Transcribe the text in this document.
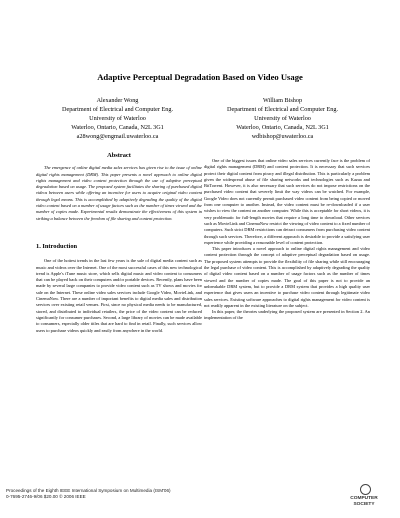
Adaptive Perceptual Degradation Based on Video Usage
Alexander Wong
Department of Electrical and Computer Eng.
University of Waterloo
Waterloo, Ontario, Canada, N2L 3G1
a28wong@engmail.uwaterloo.ca
William Bishop
Department of Electrical and Computer Eng.
University of Waterloo
Waterloo, Ontario, Canada, N2L 3G1
wdbishop@uwaterloo.ca
Abstract

The emergence of online digital media sales services has given rise to the issue of online digital rights management (DRM). This paper presents a novel approach to online digital rights management and video content protection through the use of adaptive perceptual degradation based on usage. The proposed system facilitates the sharing of purchased digital videos between users while offering an incentive for users to acquire original video content through legal means. This is accomplished by adaptively degrading the quality of the digital video content based on a number of usage factors such as the number of times viewed and the number of copies made. Experimental results demonstrate the effectiveness of this system in striking a balance between the freedom of file sharing and content protection.

1. Introduction

One of the hottest trends in the last few years is the sale of digital media content such as music and videos over the Internet. One of the most successful cases of this new technological trend is Apple's iTune music store, which sells digital music and video content to consumers that can be played back on their computers and/or portable devices. Recently, plans have been made by several large companies to provide video content such as TV shows and movies for sale on the Internet. These online video sales services include Google Video, MovieLink, and CinemaNow. There are a number of important benefits to digital media sales and distribution services over existing retail venues. First, since no physical media needs to be manufactured, stored, and distributed to individual retailers, the price of the video content can be reduced significantly for consumer purchases. Second, a large library of movies can be made available to consumers, especially older titles that are hard to find in retail. Finally, such services allow users to purchase videos quickly and easily from anywhere in the world.

One of the biggest issues that online video sales services currently face is the problem of digital rights management (DRM) and content protection. It is necessary that such services protect their digital content from piracy and illegal distribution. This is particularly a problem given the widespread abuse of file sharing networks and technologies such as Kazaa and BitTorrent. However, it is also necessary that such services do not impose restrictions on the purchased video content that severely limit the way videos can be watched. For example, Google Video does not currently permit purchased video content from being copied or moved from one computer to another. Instead, the video content must be re-downloaded if a user wishes to view the content on another computer. While this is acceptable for short videos, it is very problematic for full-length movies that require a long time to download. Other services such as MovieLink and CinemaNow restrict the viewing of video content to a fixed number of computers. Such strict DRM restrictions can detract consumers from purchasing video content through such services. Therefore, a different approach is desirable to provide a satisfying user experience while providing a reasonable level of content protection.

This paper introduces a novel approach to online digital rights management and video content protection through the concept of adaptive perceptual degradation based on usage. The proposed system attempts to provide the flexibility of file sharing while still encouraging the legal purchase of video content. This is accomplished by adaptively degrading the quality of digital video content based on a number of usage factors such as the number of times viewed and the number of copies made. The goal of this paper is not to provide an unbreakable DRM system, but to provide a DRM system that provides a high quality user experience that gives users an incentive to purchase video content through legitimate video sales services. Existing software approaches to digital rights management for video content is not readily apparent in the existing literature on the subject.

In this paper, the theories underlying the proposed system are presented in Section 2. An implementation of the

Proceedings of the Eighth IEEE International Symposium on Multimedia (ISM'06)
0-7695-2746-9/06 $20.00 © 2006 IEEE	COMPUTER
SOCIETY
